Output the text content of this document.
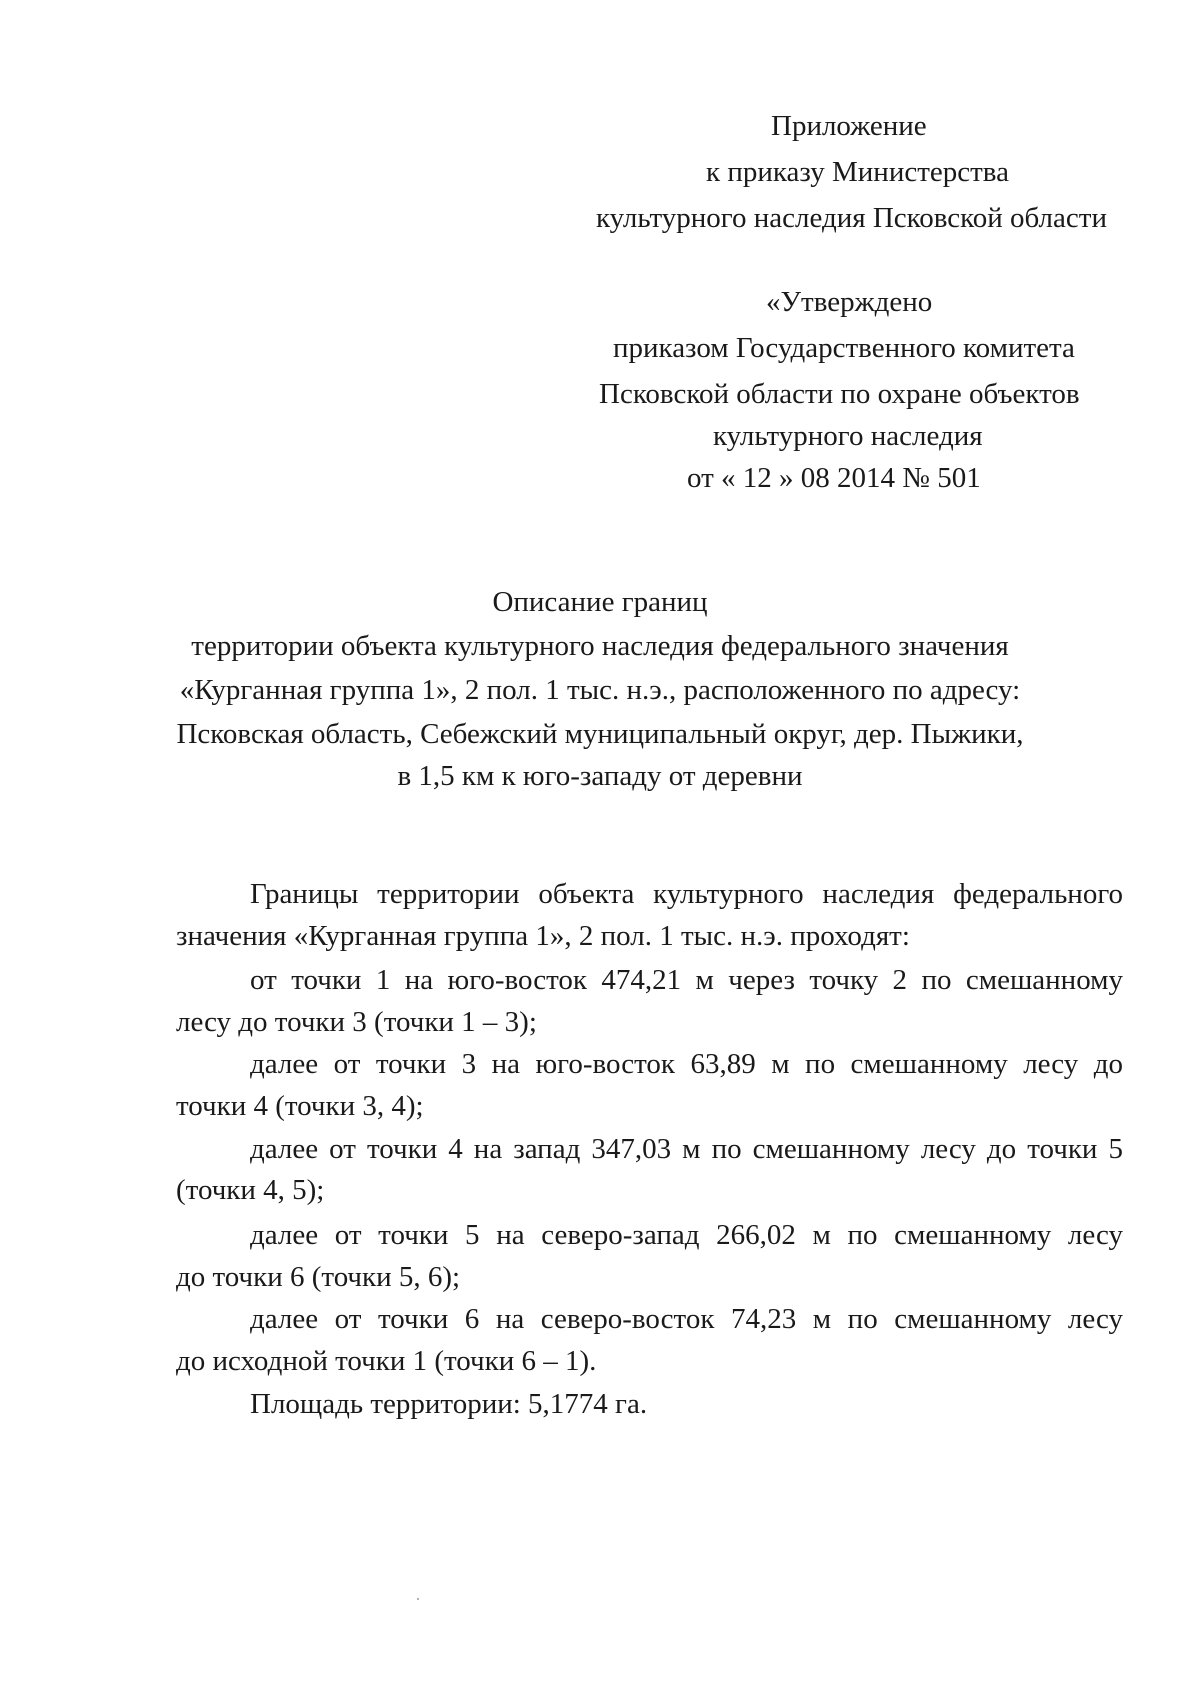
Приложение
к приказу Министерства
культурного наследия Псковской области
«Утверждено
приказом Государственного комитета
Псковской области по охране объектов
культурного наследия
от « 12 » 08 2014 № 501
Описание границ
территории объекта культурного наследия федерального значения
«Курганная группа 1», 2 пол. 1 тыс. н.э., расположенного по адресу:
Псковская область, Себежский муниципальный округ, дер. Пыжики,
в 1,5 км к юго-западу от деревни
Границы территории объекта культурного наследия федерального
значения «Курганная группа 1», 2 пол. 1 тыс. н.э. проходят:
от точки 1 на юго-восток 474,21 м через точку 2 по смешанному
лесу до точки 3 (точки 1 – 3);
далее от точки 3 на юго-восток 63,89 м по смешанному лесу до
точки 4 (точки 3, 4);
далее от точки 4 на запад 347,03 м по смешанному лесу до точки 5
(точки 4, 5);
далее от точки 5 на северо-запад 266,02 м по смешанному лесу
до точки 6 (точки 5, 6);
далее от точки 6 на северо-восток 74,23 м по смешанному лесу
до исходной точки 1 (точки 6 – 1).
Площадь территории: 5,1774 га.
